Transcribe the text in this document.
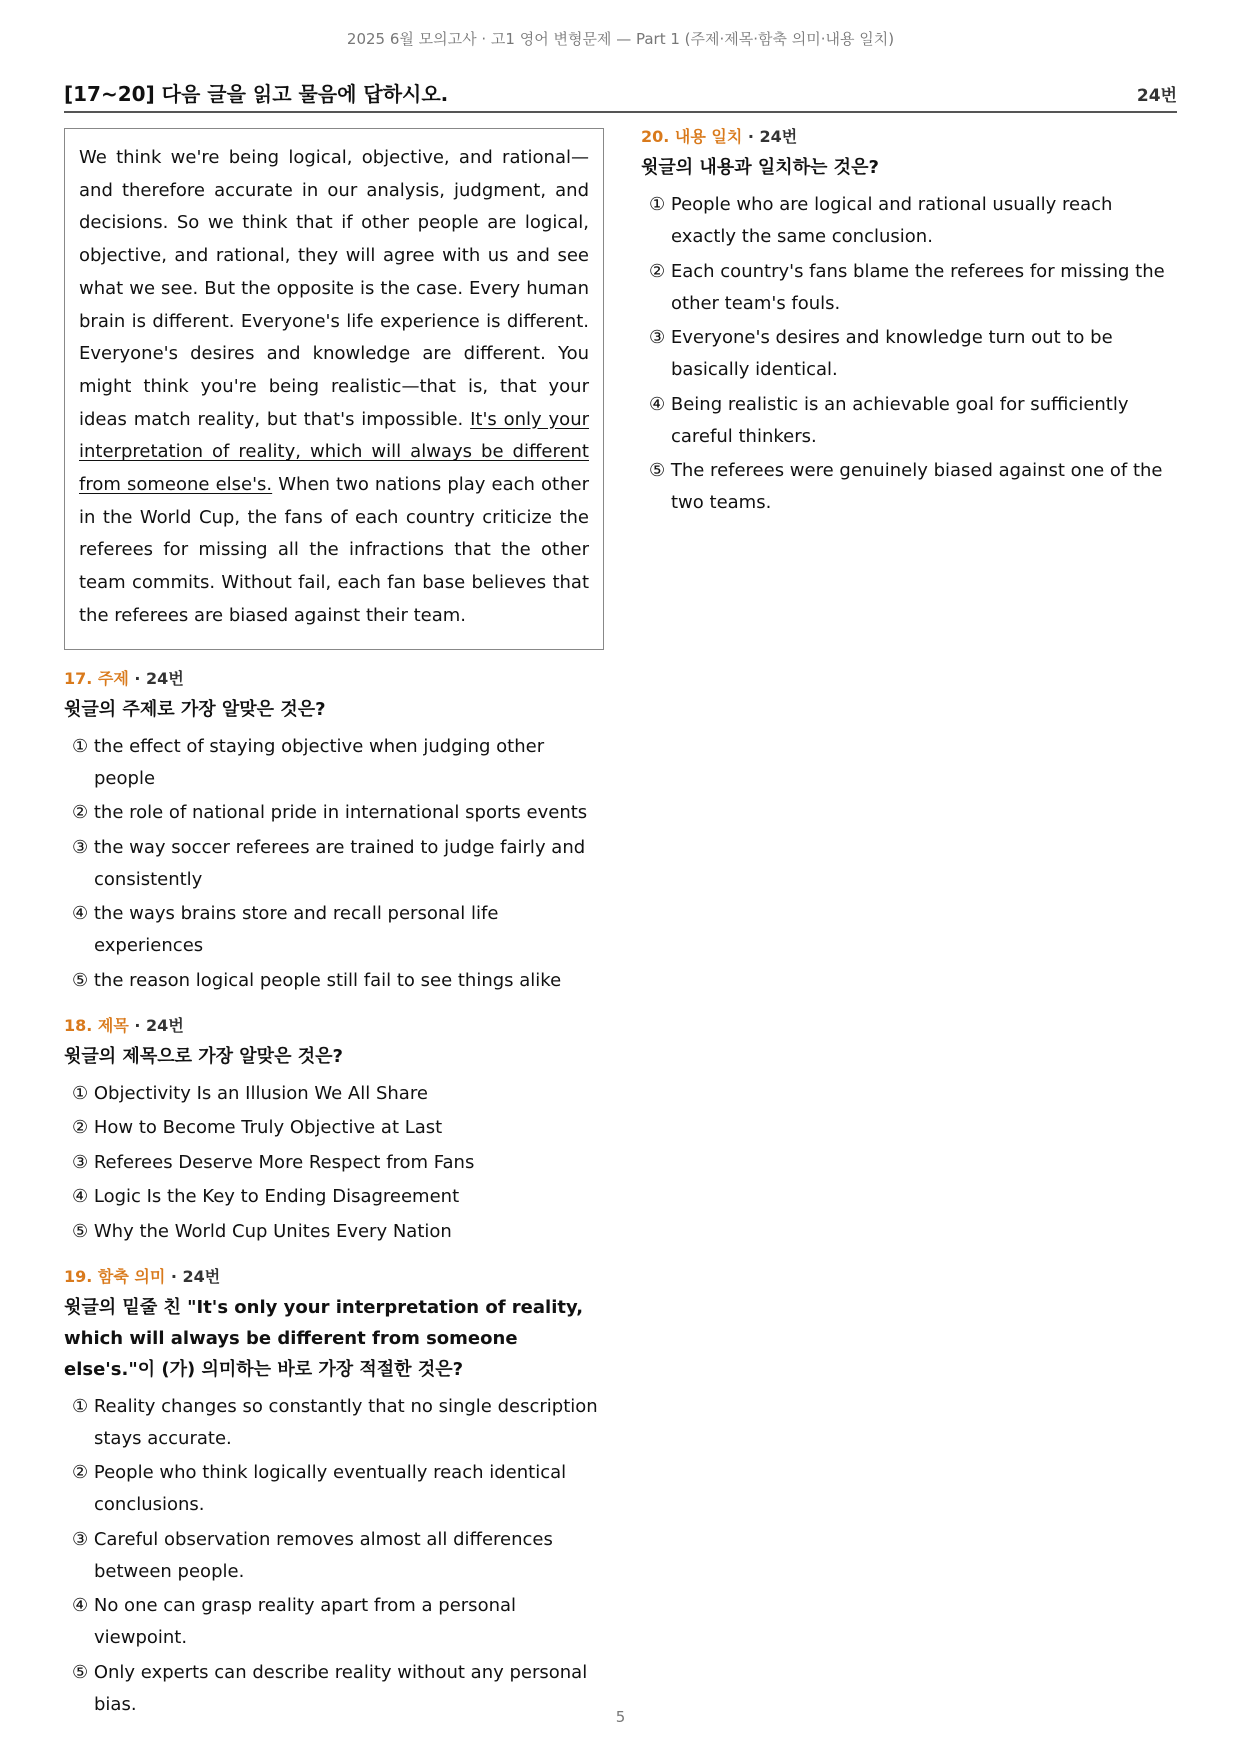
2025 6월 모의고사 · 고1 영어 변형문제 — Part 1 (주제·제목·함축 의미·내용 일치)
[17~20] 다음 글을 읽고 물음에 답하시오.	24번
We think we're being logical, objective, and rational—and therefore accurate in our analysis, judgment, and decisions. So we think that if other people are logical, objective, and rational, they will agree with us and see what we see. But the opposite is the case. Every human brain is different. Everyone's life experience is different. Everyone's desires and knowledge are different. You might think you're being realistic—that is, that your ideas match reality, but that's impossible. It's only your interpretation of reality, which will always be different from someone else's. When two nations play each other in the World Cup, the fans of each country criticize the referees for missing all the infractions that the other team commits. Without fail, each fan base believes that the referees are biased against their team.
17. 주제 · 24번
윗글의 주제로 가장 알맞은 것은?
① the effect of staying objective when judging other people
② the role of national pride in international sports events
③ the way soccer referees are trained to judge fairly and consistently
④ the ways brains store and recall personal life experiences
⑤ the reason logical people still fail to see things alike
18. 제목 · 24번
윗글의 제목으로 가장 알맞은 것은?
① Objectivity Is an Illusion We All Share
② How to Become Truly Objective at Last
③ Referees Deserve More Respect from Fans
④ Logic Is the Key to Ending Disagreement
⑤ Why the World Cup Unites Every Nation
19. 함축 의미 · 24번
윗글의 밑줄 친 "It's only your interpretation of reality, which will always be different from someone else's."이 (가) 의미하는 바로 가장 적절한 것은?
① Reality changes so constantly that no single description stays accurate.
② People who think logically eventually reach identical conclusions.
③ Careful observation removes almost all differences between people.
④ No one can grasp reality apart from a personal viewpoint.
⑤ Only experts can describe reality without any personal bias.
20. 내용 일치 · 24번
윗글의 내용과 일치하는 것은?
① People who are logical and rational usually reach exactly the same conclusion.
② Each country's fans blame the referees for missing the other team's fouls.
③ Everyone's desires and knowledge turn out to be basically identical.
④ Being realistic is an achievable goal for sufficiently careful thinkers.
⑤ The referees were genuinely biased against one of the two teams.
5
